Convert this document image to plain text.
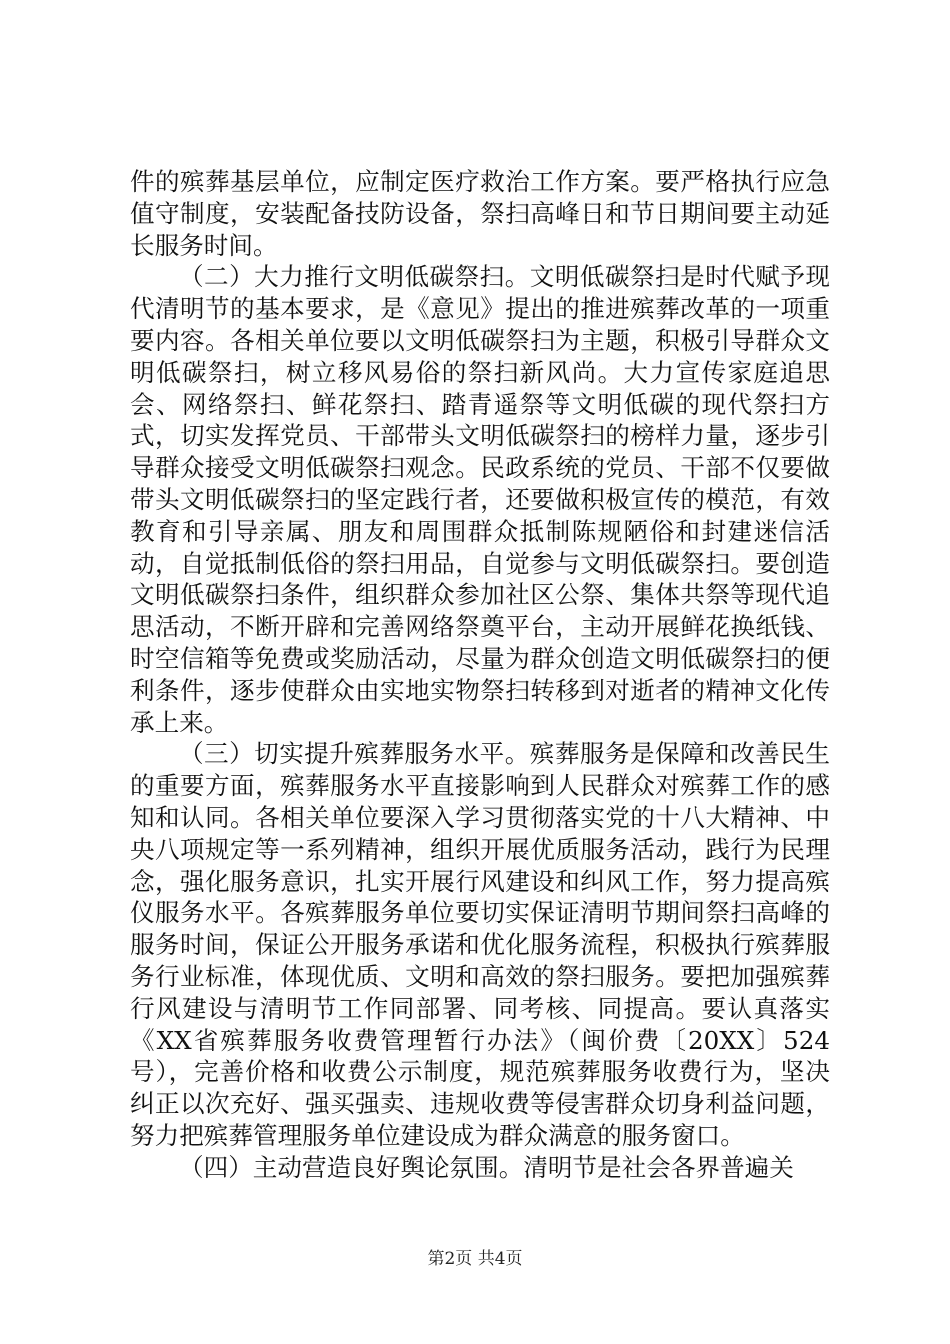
件的殡葬基层单位，应制定医疗救治工作方案。要严格执行应急值守制度，安装配备技防设备，祭扫高峰日和节日期间要主动延长服务时间。

（二）大力推行文明低碳祭扫。文明低碳祭扫是时代赋予现代清明节的基本要求，是《意见》提出的推进殡葬改革的一项重要内容。各相关单位要以文明低碳祭扫为主题，积极引导群众文明低碳祭扫，树立移风易俗的祭扫新风尚。大力宣传家庭追思会、网络祭扫、鲜花祭扫、踏青遥祭等文明低碳的现代祭扫方式，切实发挥党员、干部带头文明低碳祭扫的榜样力量，逐步引导群众接受文明低碳祭扫观念。民政系统的党员、干部不仅要做带头文明低碳祭扫的坚定践行者，还要做积极宣传的模范，有效教育和引导亲属、朋友和周围群众抵制陈规陋俗和封建迷信活动，自觉抵制低俗的祭扫用品，自觉参与文明低碳祭扫。要创造文明低碳祭扫条件，组织群众参加社区公祭、集体共祭等现代追思活动，不断开辟和完善网络祭奠平台，主动开展鲜花换纸钱、时空信箱等免费或奖励活动，尽量为群众创造文明低碳祭扫的便利条件，逐步使群众由实地实物祭扫转移到对逝者的精神文化传承上来。

（三）切实提升殡葬服务水平。殡葬服务是保障和改善民生的重要方面，殡葬服务水平直接影响到人民群众对殡葬工作的感知和认同。各相关单位要深入学习贯彻落实党的十八大精神、中央八项规定等一系列精神，组织开展优质服务活动，践行为民理念，强化服务意识，扎实开展行风建设和纠风工作，努力提高殡仪服务水平。各殡葬服务单位要切实保证清明节期间祭扫高峰的服务时间，保证公开服务承诺和优化服务流程，积极执行殡葬服务行业标准，体现优质、文明和高效的祭扫服务。要把加强殡葬行风建设与清明节工作同部署、同考核、同提高。要认真落实《XX省殡葬服务收费管理暂行办法》（闽价费〔20XX〕524号），完善价格和收费公示制度，规范殡葬服务收费行为，坚决纠正以次充好、强买强卖、违规收费等侵害群众切身利益问题，努力把殡葬管理服务单位建设成为群众满意的服务窗口。

（四）主动营造良好舆论氛围。清明节是社会各界普遍关

第2页 共4页
